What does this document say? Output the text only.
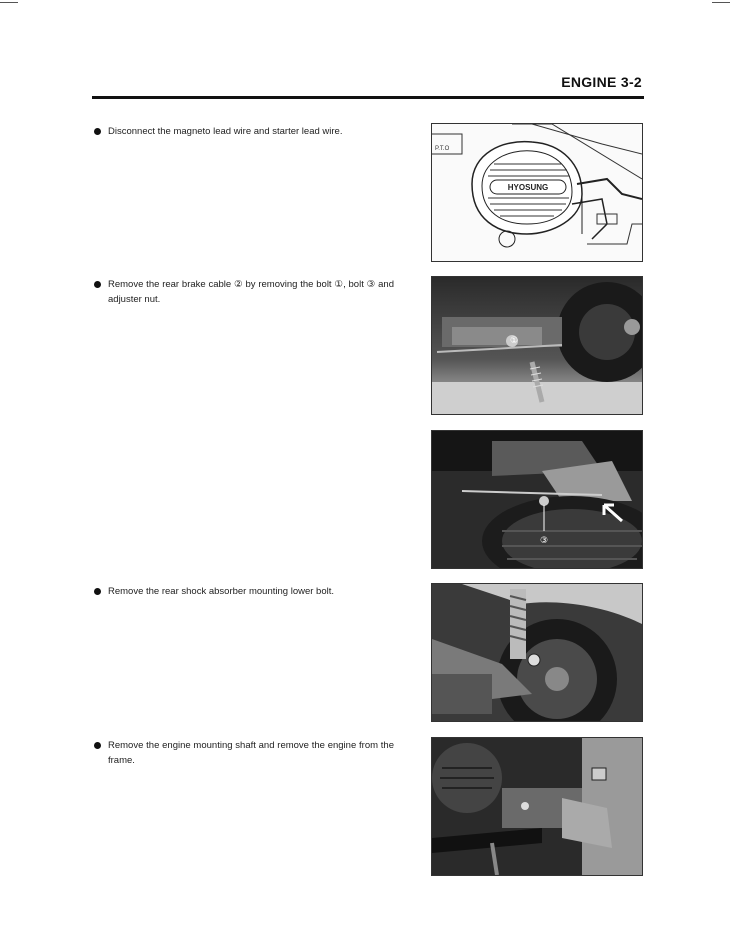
ENGINE 3-2
Disconnect the magneto lead wire and starter lead wire.
Remove the rear brake cable ② by removing the bolt ①, bolt ③ and adjuster nut.
Remove the rear shock absorber mounting lower bolt.
Remove the engine mounting shaft and remove the engine from the frame.
HYOSUNG
P.T.O
①
③
